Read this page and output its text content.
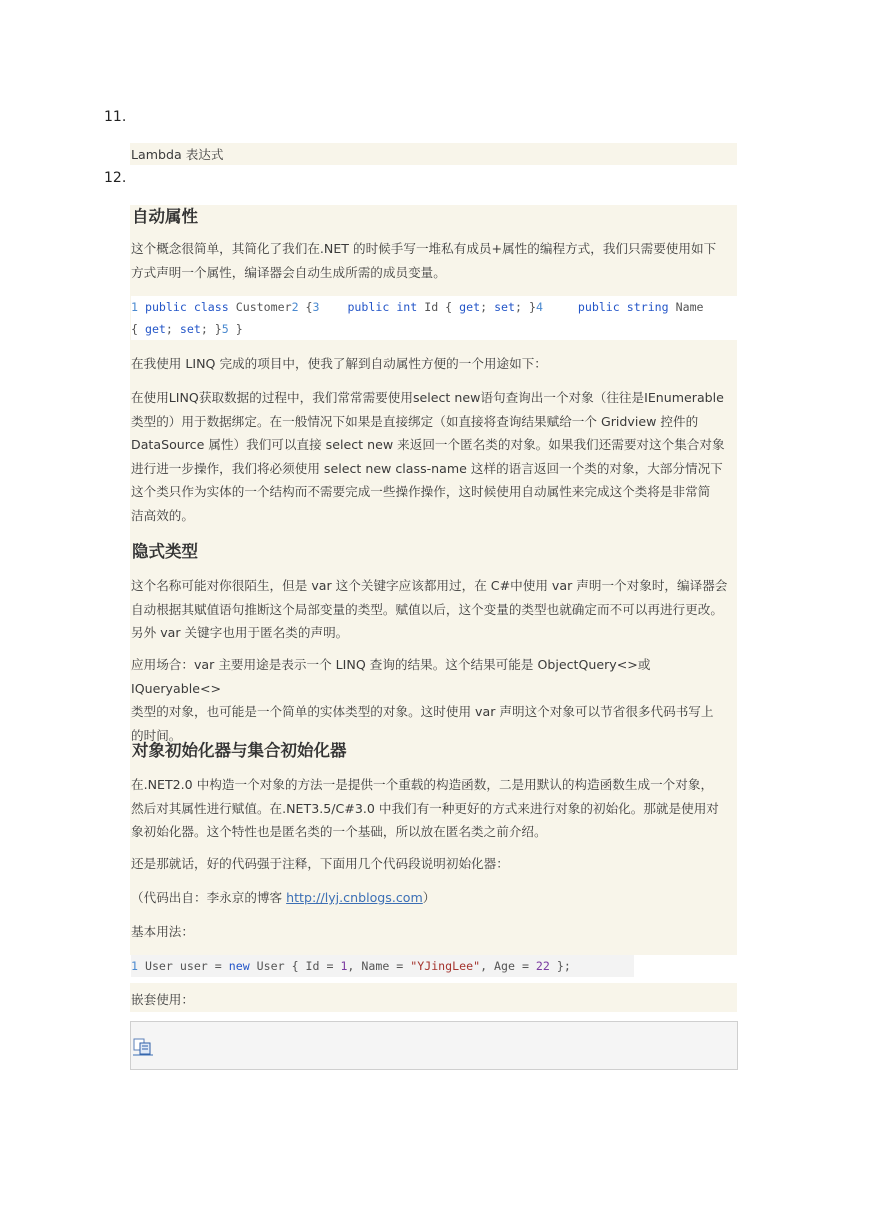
11.

Lambda 表达式

12.
自动属性
这个概念很简单，其简化了我们在.NET 的时候手写一堆私有成员+属性的编程方式，我们只需要使用如下
方式声明一个属性，编译器会自动生成所需的成员变量。
1 public class Customer2 {3 public int Id { get; set; }4	public string Name
{ get; set; }5 }
在我使用 LINQ 完成的项目中，使我了解到自动属性方便的一个用途如下：
在使用LINQ获取数据的过程中，我们常常需要使用select new语句查询出一个对象（往往是IEnumerable
类型的）用于数据绑定。在一般情况下如果是直接绑定（如直接将查询结果赋给一个 Gridview 控件的
DataSource 属性）我们可以直接 select new 来返回一个匿名类的对象。如果我们还需要对这个集合对象
进行进一步操作，我们将必须使用 select new class-name 这样的语言返回一个类的对象，大部分情况下
这个类只作为实体的一个结构而不需要完成一些操作操作，这时候使用自动属性来完成这个类将是非常简
洁高效的。
隐式类型
这个名称可能对你很陌生，但是 var 这个关键字应该都用过，在 C#中使用 var 声明一个对象时，编译器会
自动根据其赋值语句推断这个局部变量的类型。赋值以后，这个变量的类型也就确定而不可以再进行更改。
另外 var 关键字也用于匿名类的声明。
应用场合：var 主要用途是表示一个 LINQ 查询的结果。这个结果可能是 ObjectQuery<>或 IQueryable<>
类型的对象，也可能是一个简单的实体类型的对象。这时使用 var 声明这个对象可以节省很多代码书写上
的时间。
对象初始化器与集合初始化器
在.NET2.0 中构造一个对象的方法一是提供一个重载的构造函数，二是用默认的构造函数生成一个对象，
然后对其属性进行赋值。在.NET3.5/C#3.0 中我们有一种更好的方式来进行对象的初始化。那就是使用对
象初始化器。这个特性也是匿名类的一个基础，所以放在匿名类之前介绍。
还是那就话，好的代码强于注释，下面用几个代码段说明初始化器：
（代码出自：李永京的博客 http://lyj.cnblogs.com）
基本用法：
1 User user = new User { Id = 1, Name = "YJingLee", Age = 22 };
嵌套使用：
